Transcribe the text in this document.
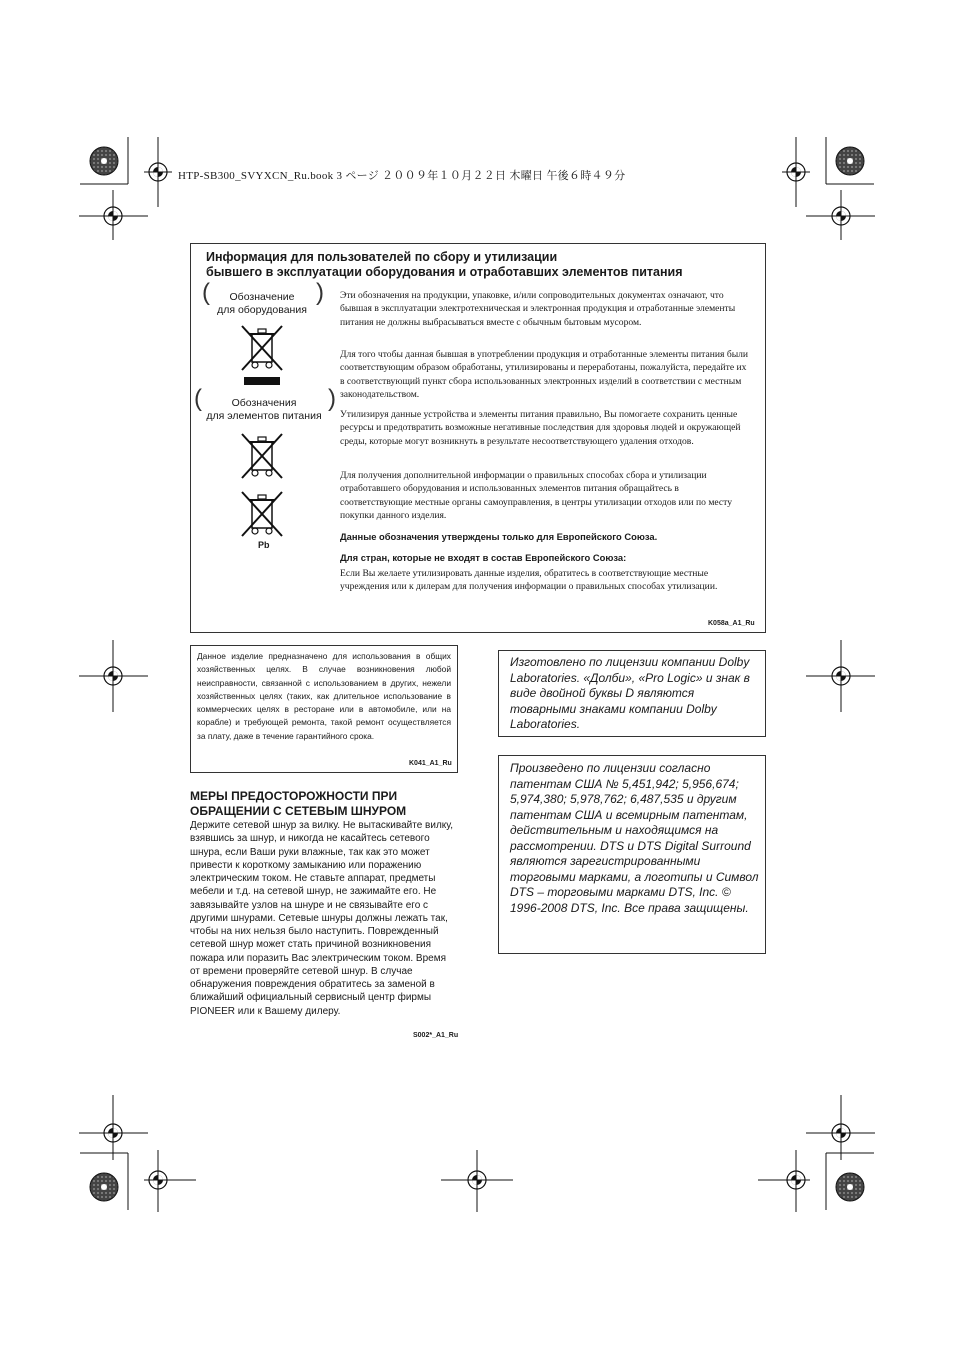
HTP-SB300_SVYXCN_Ru.book 3 ページ ２００９年１０月２２日 木曜日 午後６時４９分
Информация для пользователей по сбору и утилизации
бывшего в эксплуатации оборудования и отработавших элементов питания
(	Обозначение
для оборудования
)
(	Обозначения
для элементов питания
)
Pb

Эти обозначения на продукции, упаковке, и/или сопроводительных документах означают, что бывшая в эксплуатации электротехническая и электронная продукция и отработанные элементы питания не должны выбрасываться вместе с обычным бытовым мусором.

Для того чтобы данная бывшая в употреблении продукция и отработанные элементы питания были соответствующим образом обработаны, утилизированы и переработаны, пожалуйста, передайте их в соответствующий пункт сбора использованных электронных изделий в соответствии с местным законодательством.

Утилизируя данные устройства и элементы питания правильно, Вы помогаете сохранить ценные ресурсы и предотвратить возможные негативные последствия для здоровья людей и окружающей среды, которые могут возникнуть в результате несоответствующего удаления отходов.

Для получения дополнительной информации о правильных способах сбора и утилизации отработавшего оборудования и использованных элементов питания обращайтесь в соответствующие местные органы самоуправления, в центры утилизации отходов или по месту покупки данного изделия.

Данные обозначения утверждены только для Европейского Союза.
Для стран, которые не входят в состав Европейского Союза:

Если Вы желаете утилизировать данные изделия, обратитесь в соответствующие местные учреждения или к дилерам для получения информации о правильных способах утилизации.

K058a_A1_Ru

Данное изделие предназначено для использования в общих хозяйственных целях. В случае возникновения любой неисправности, связанной с использованием в других, нежели хозяйственных целях (таких, как длительное использование в коммерческих целях в ресторане или в автомобиле, или на корабле) и требующей ремонта, такой ремонт осуществляется за плату, даже в течение гарантийного срока.

K041_A1_Ru
МЕРЫ ПРЕДОСТОРОЖНОСТИ ПРИ
ОБРАЩЕНИИ С СЕТЕВЫМ ШНУРОМ

Держите сетевой шнур за вилку. Не вытаскивайте вилку, взявшись за шнур, и никогда не касайтесь сетевого шнура, если Ваши руки влажные, так как это может привести к короткому замыканию или поражению электрическим током. Не ставьте аппарат, предметы мебели и т.д. на сетевой шнур, не зажимайте его. Не завязывайте узлов на шнуре и не связывайте его с другими шнурами. Сетевые шнуры должны лежать так, чтобы на них нельзя было наступить. Поврежденный сетевой шнур может стать причиной возникновения пожара или поразить Вас электрическим током. Время от времени проверяйте сетевой шнур. В случае обнаружения повреждения обратитесь за заменой в ближайший официальный сервисный центр фирмы PIONEER или к Вашему дилеру.

S002*_A1_Ru

Изготовлено по лицензии компании Dolby Laboratories. «Долби», «Pro Logic» и знак в виде двойной буквы D являются товарными знаками компании Dolby Laboratories.

Произведено по лицензии согласно патентам США № 5,451,942; 5,956,674; 5,974,380; 5,978,762; 6,487,535 и другим патентам США и всемирным патентам, действительным и находящимся на рассмотрении. DTS и DTS Digital Surround являются зарегистрированными торговыми марками, а логотипы и Символ DTS – торговыми марками DTS, Inc. © 1996-2008 DTS, Inc. Все права защищены.
